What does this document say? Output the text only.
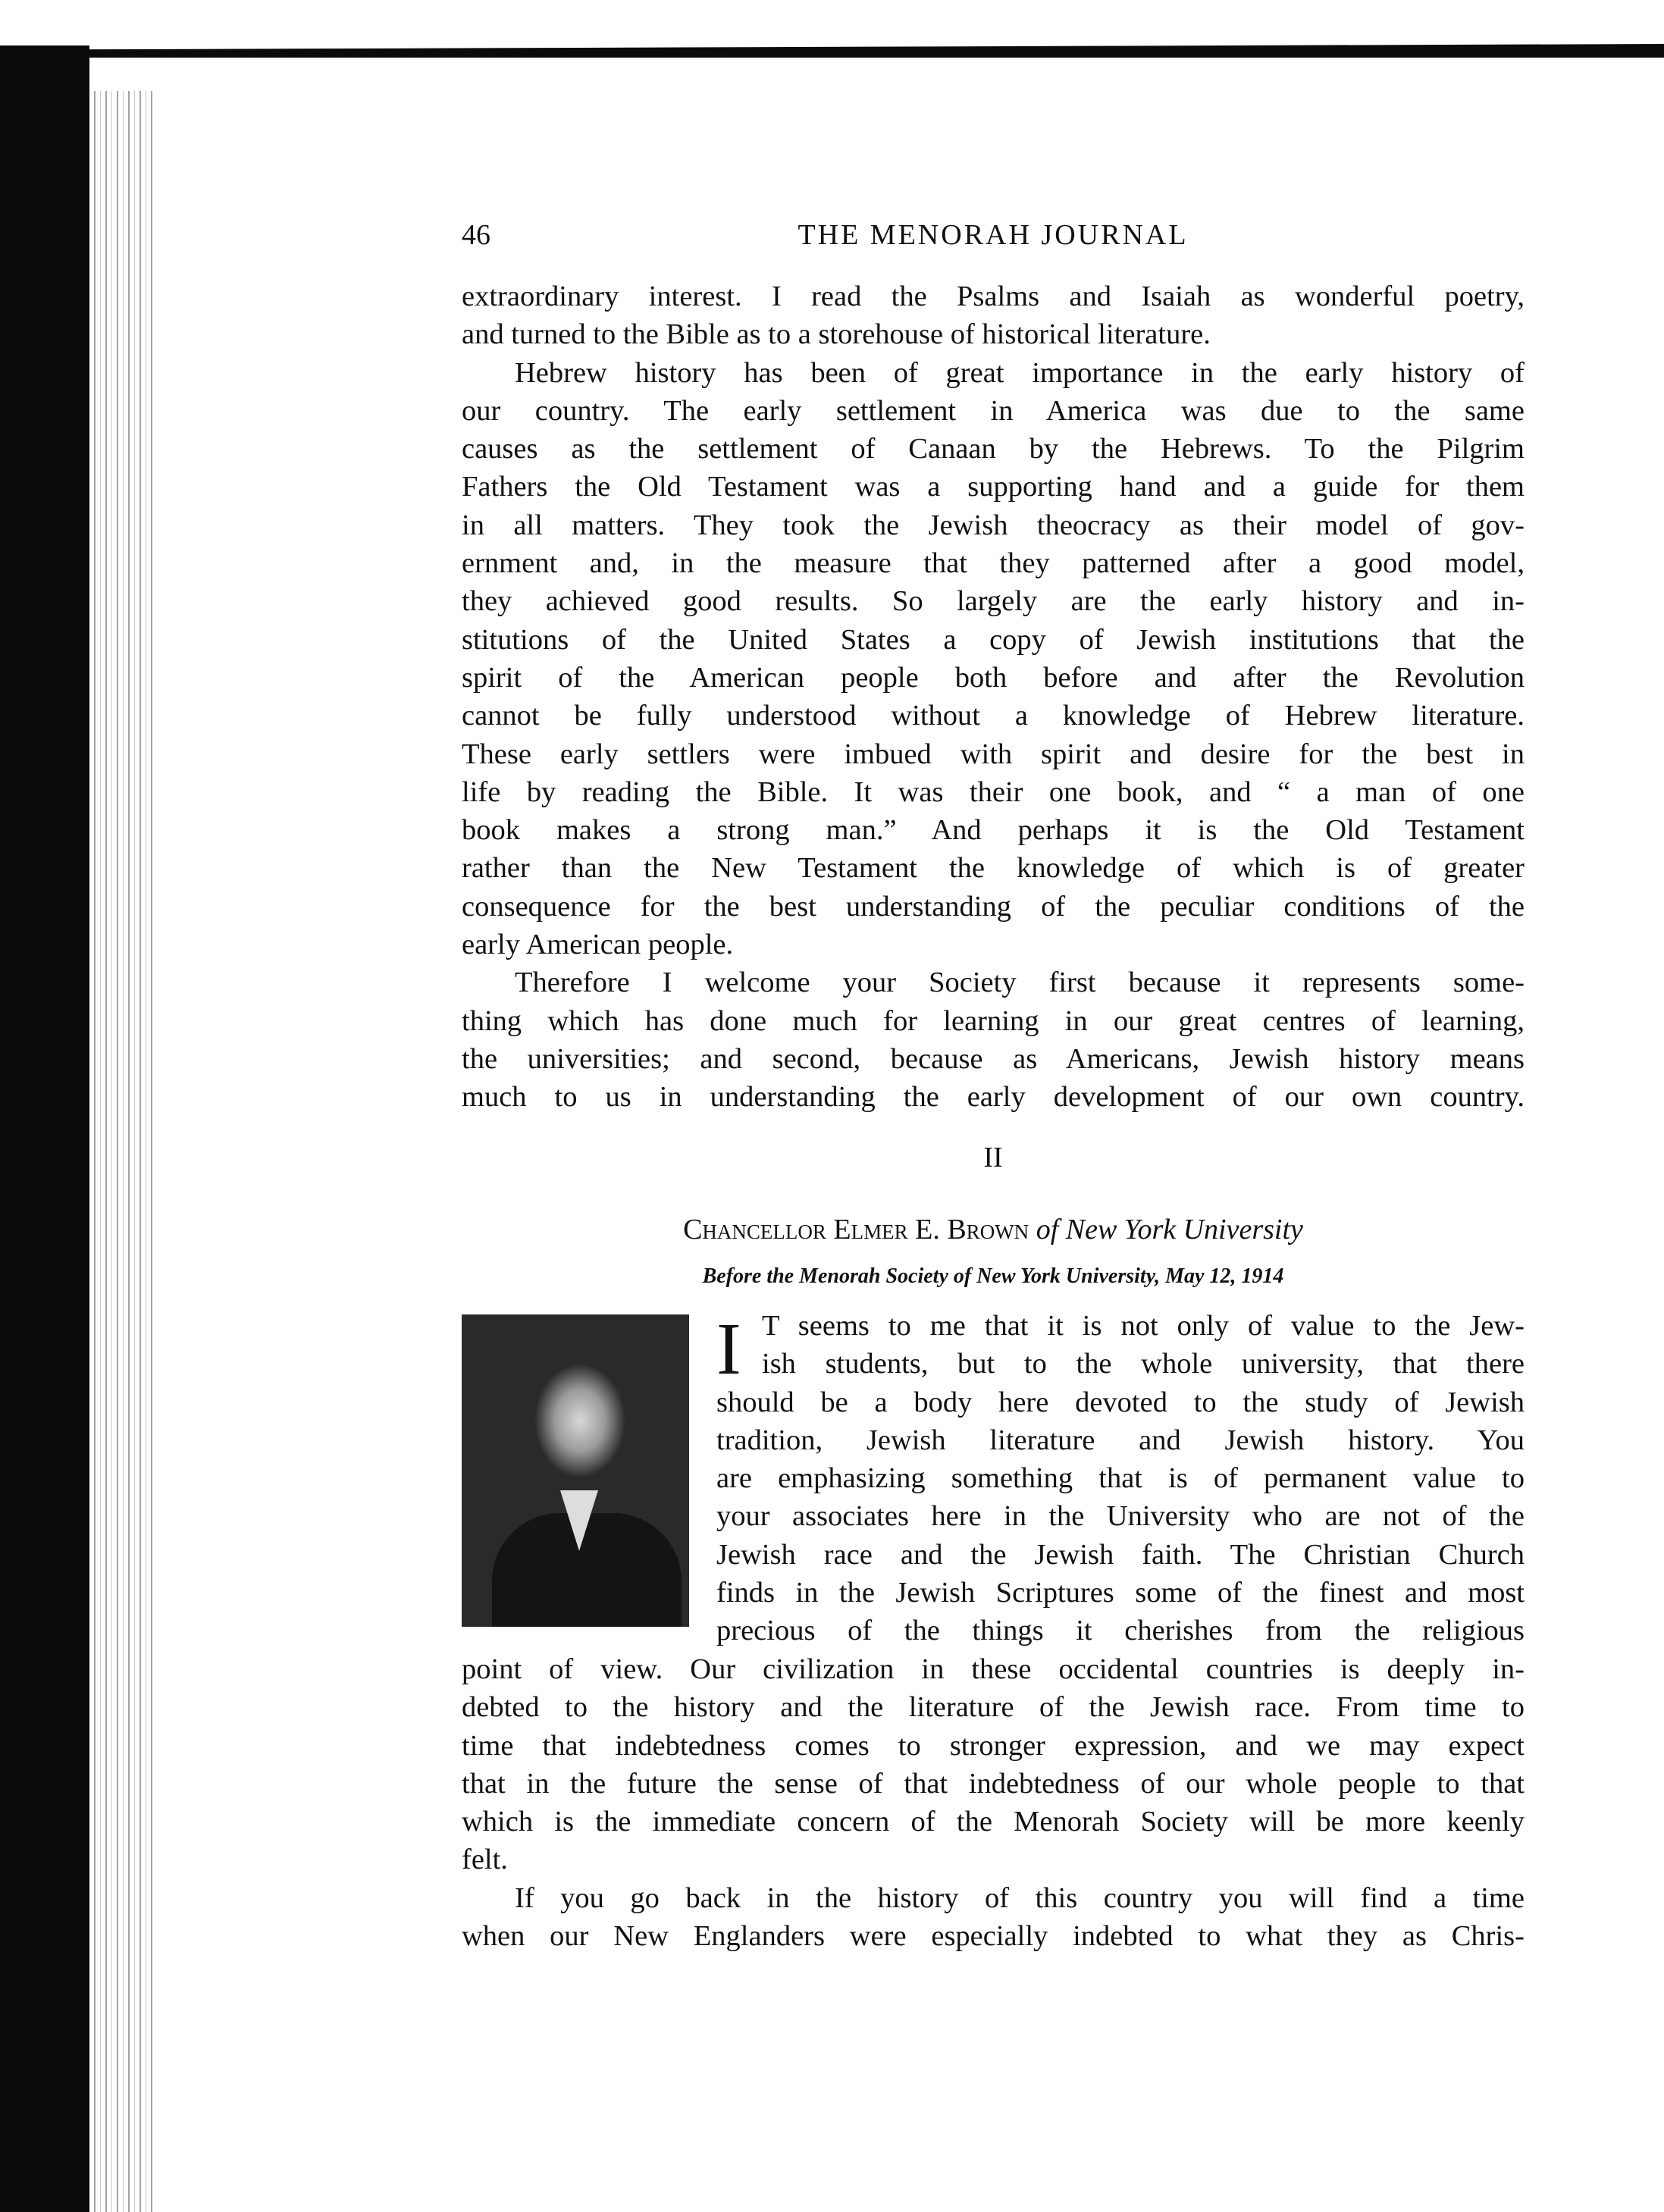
46	THE MENORAH JOURNAL
extraordinary interest. I read the Psalms and Isaiah as wonderful poetry,
and turned to the Bible as to a storehouse of historical literature.
Hebrew history has been of great importance in the early history of
our country. The early settlement in America was due to the same
causes as the settlement of Canaan by the Hebrews. To the Pilgrim
Fathers the Old Testament was a supporting hand and a guide for them
in all matters. They took the Jewish theocracy as their model of gov-
ernment and, in the measure that they patterned after a good model,
they achieved good results. So largely are the early history and in-
stitutions of the United States a copy of Jewish institutions that the
spirit of the American people both before and after the Revolution
cannot be fully understood without a knowledge of Hebrew literature.
These early settlers were imbued with spirit and desire for the best in
life by reading the Bible. It was their one book, and “ a man of one
book makes a strong man.” And perhaps it is the Old Testament
rather than the New Testament the knowledge of which is of greater
consequence for the best understanding of the peculiar conditions of the
early American people.
Therefore I welcome your Society first because it represents some-
thing which has done much for learning in our great centres of learning,
the universities; and second, because as Americans, Jewish history means
much to us in understanding the early development of our own country.
II
Chancellor Elmer E. Brown of New York University
Before the Menorah Society of New York University, May 12, 1914
I T seems to me that it is not only of value to the Jew-
ish students, but to the whole university, that there
should be a body here devoted to the study of Jewish
tradition, Jewish literature and Jewish history. You
are emphasizing something that is of permanent value to
your associates here in the University who are not of the
Jewish race and the Jewish faith. The Christian Church
finds in the Jewish Scriptures some of the finest and most
precious of the things it cherishes from the religious
point of view. Our civilization in these occidental countries is deeply in-
debted to the history and the literature of the Jewish race. From time to
time that indebtedness comes to stronger expression, and we may expect
that in the future the sense of that indebtedness of our whole people to that
which is the immediate concern of the Menorah Society will be more keenly
felt.
If you go back in the history of this country you will find a time
when our New Englanders were especially indebted to what they as Chris-
